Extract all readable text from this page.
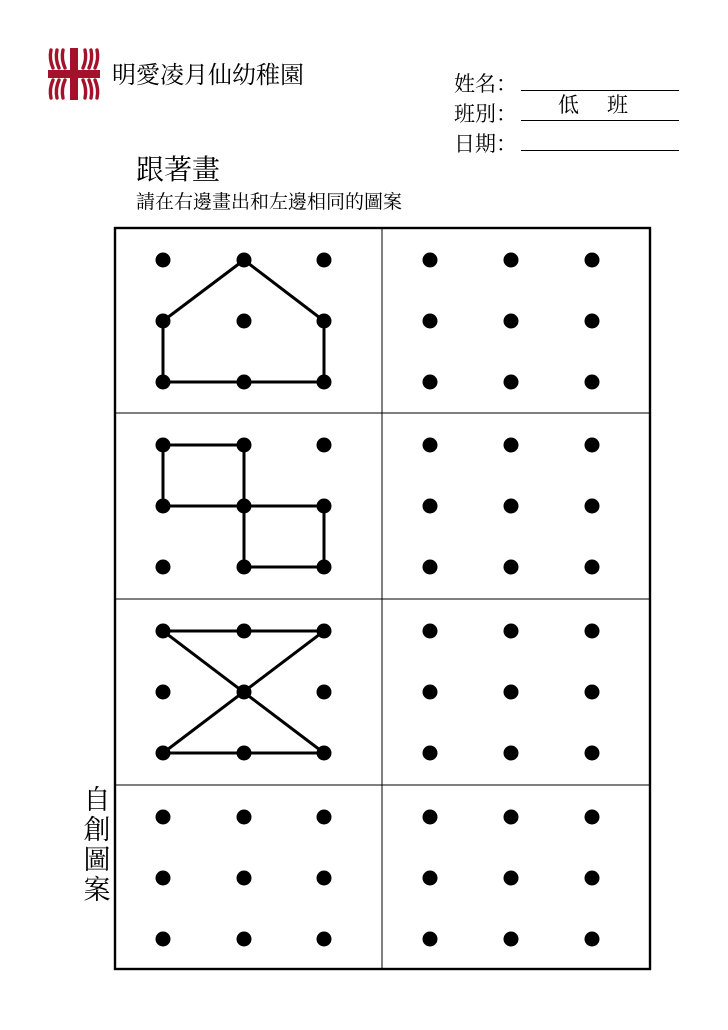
明愛凌月仙幼稚園	姓名：
班別：	低班
日期：
跟著畫
請在右邊畫出和左邊相同的圖案
自創圖案
